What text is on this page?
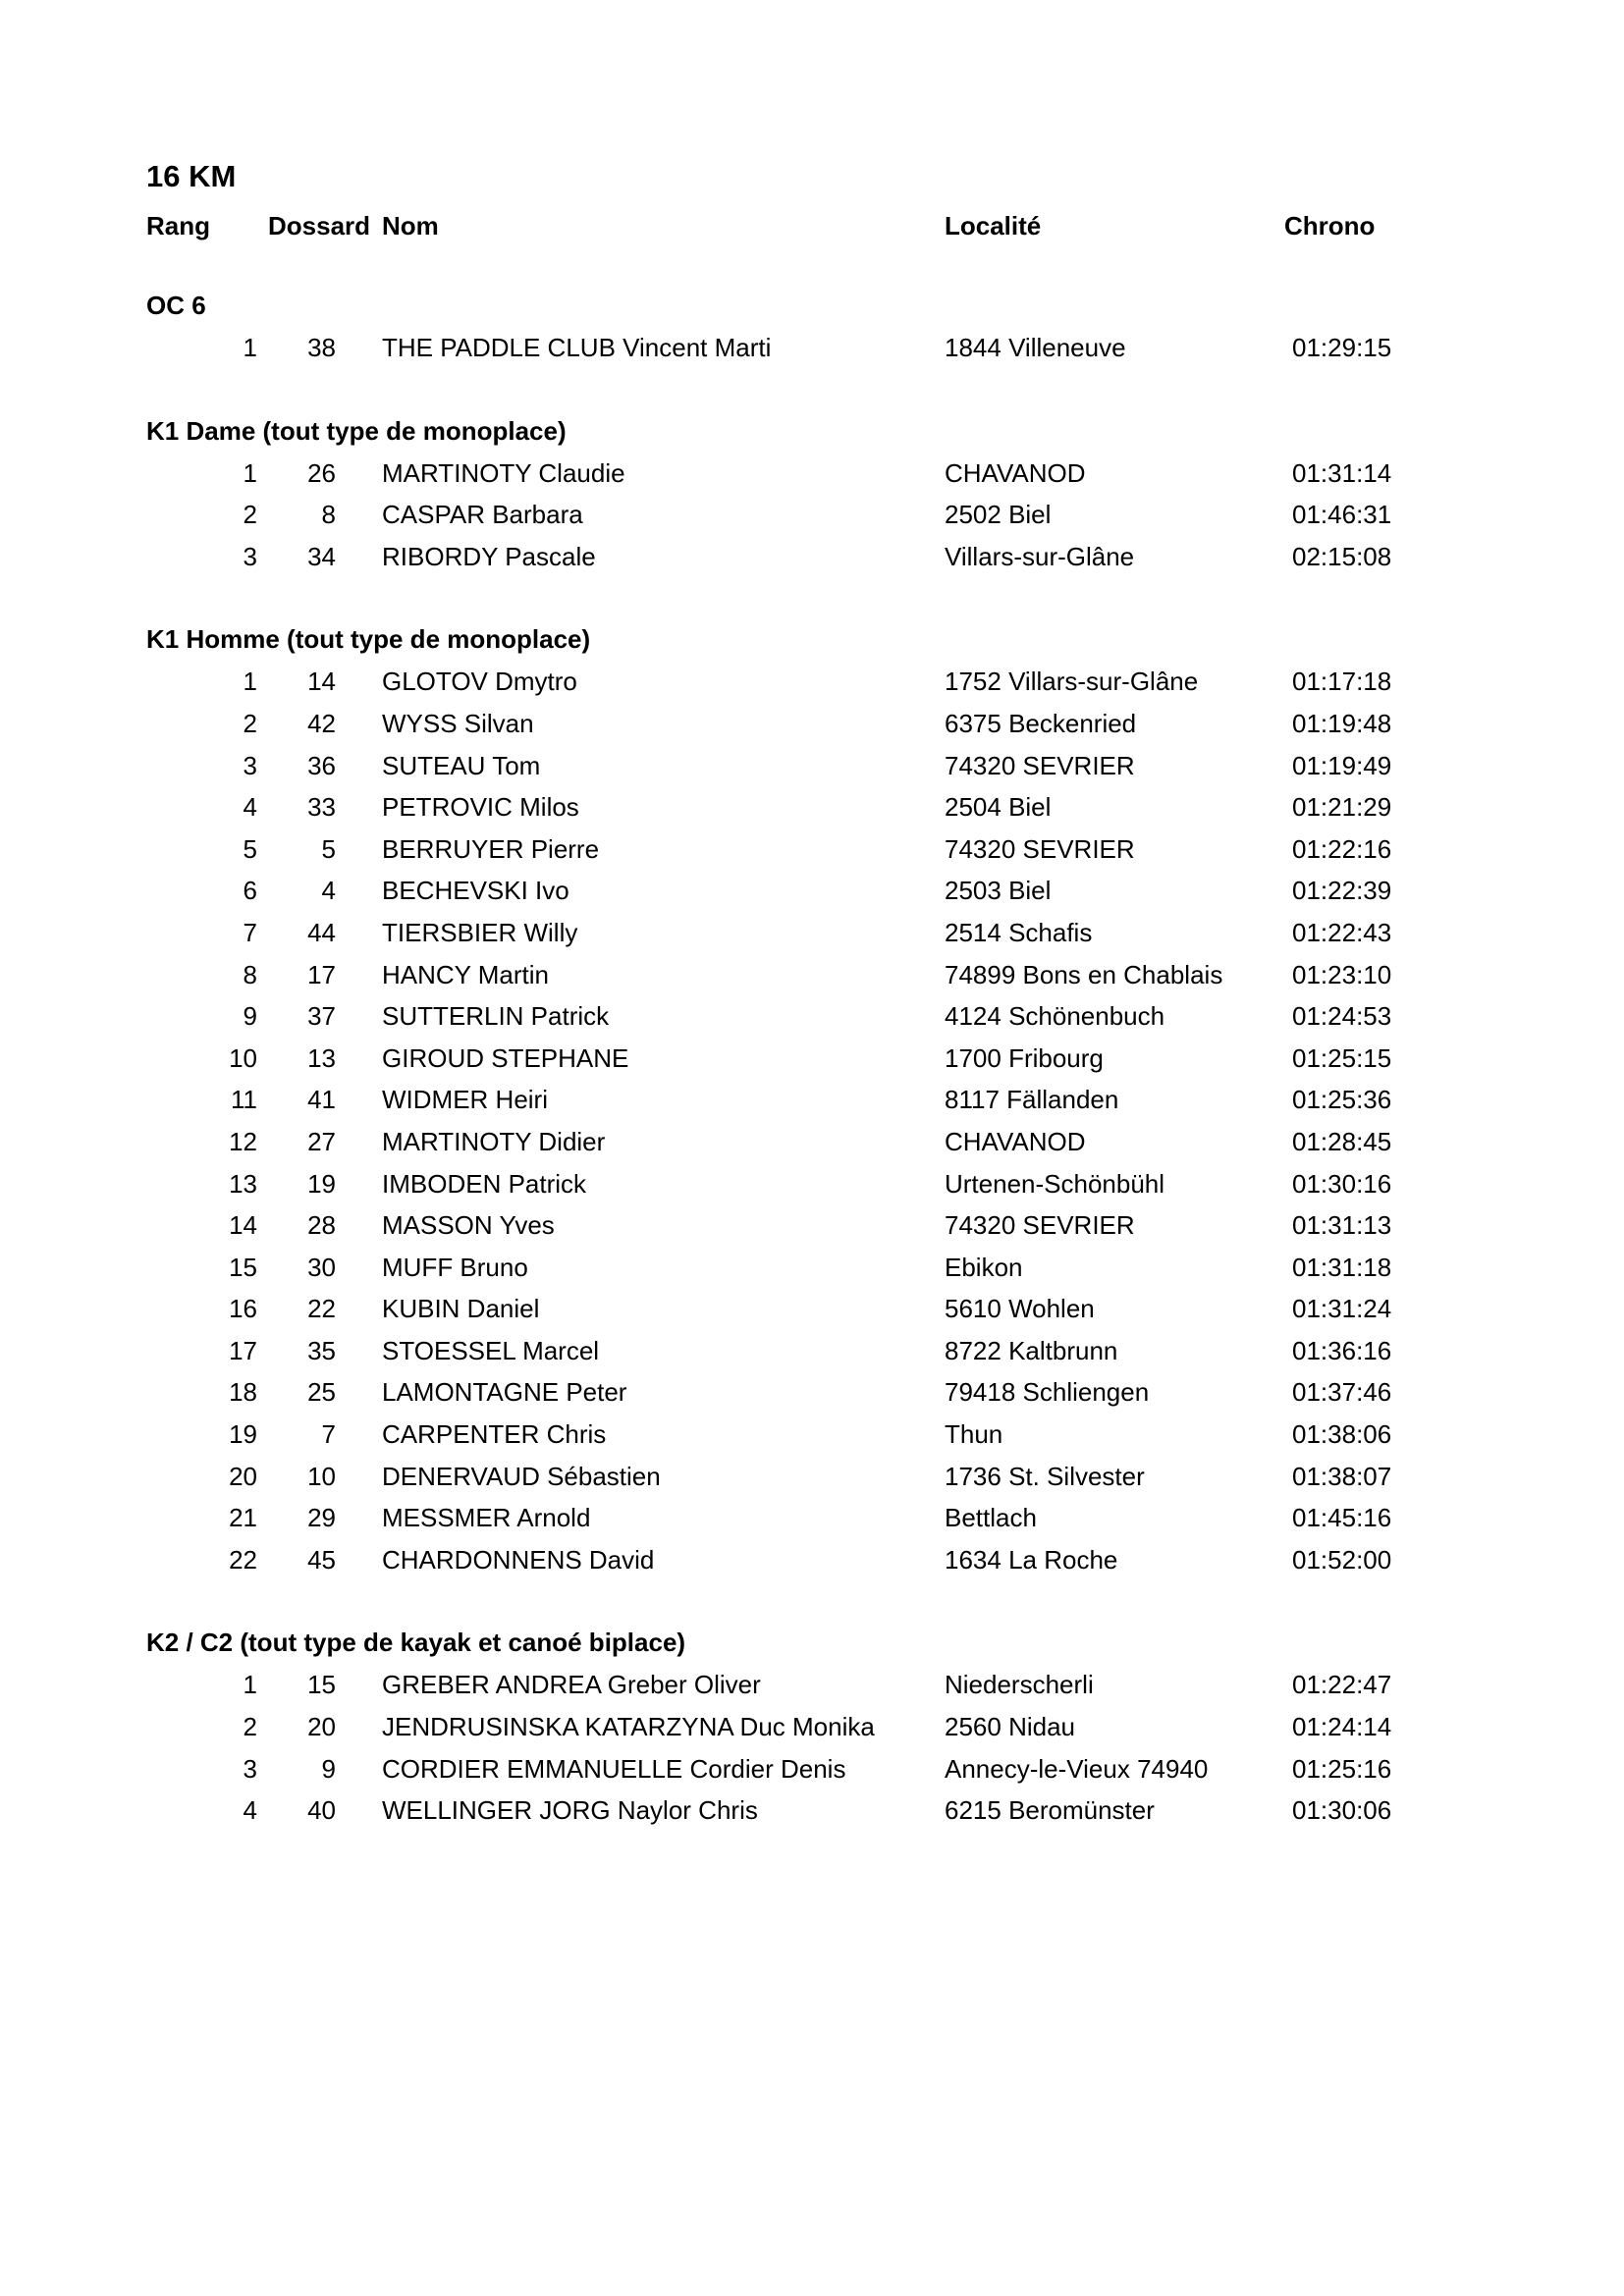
16 KM
Rang Dossard Nom	Localité	Chrono
OC 6
1	38 THE PADDLE CLUB Vincent Marti	1844 Villeneuve	01:29:15
K1 Dame (tout type de monoplace)
1	26 MARTINOTY Claudie	CHAVANOD	01:31:14
2	8 CASPAR Barbara	2502 Biel	01:46:31
3	34 RIBORDY Pascale	Villars-sur-Glâne	02:15:08
K1 Homme (tout type de monoplace)
1	14 GLOTOV Dmytro	1752 Villars-sur-Glâne	01:17:18
2	42 WYSS Silvan	6375 Beckenried	01:19:48
3	36 SUTEAU Tom	74320 SEVRIER	01:19:49
4	33 PETROVIC Milos	2504 Biel	01:21:29
5	5 BERRUYER Pierre	74320 SEVRIER	01:22:16
6	4 BECHEVSKI Ivo	2503 Biel	01:22:39
7	44 TIERSBIER Willy	2514 Schafis	01:22:43
8	17 HANCY Martin	74899 Bons en Chablais	01:23:10
9	37 SUTTERLIN Patrick	4124 Schönenbuch	01:24:53
10	13 GIROUD STEPHANE	1700 Fribourg	01:25:15
11	41 WIDMER Heiri	8117 Fällanden	01:25:36
12	27 MARTINOTY Didier	CHAVANOD	01:28:45
13	19 IMBODEN Patrick	Urtenen-Schönbühl	01:30:16
14	28 MASSON Yves	74320 SEVRIER	01:31:13
15	30 MUFF Bruno	Ebikon	01:31:18
16	22 KUBIN Daniel	5610 Wohlen	01:31:24
17	35 STOESSEL Marcel	8722 Kaltbrunn	01:36:16
18	25 LAMONTAGNE Peter	79418 Schliengen	01:37:46
19	7 CARPENTER Chris	Thun	01:38:06
20	10 DENERVAUD Sébastien	1736 St. Silvester	01:38:07
21	29 MESSMER Arnold	Bettlach	01:45:16
22	45 CHARDONNENS David	1634 La Roche	01:52:00
K2 / C2 (tout type de kayak et canoé biplace)
1	15 GREBER ANDREA Greber Oliver	Niederscherli	01:22:47
2	20 JENDRUSINSKA KATARZYNA Duc Monika	2560 Nidau	01:24:14
3	9 CORDIER EMMANUELLE Cordier Denis	Annecy-le-Vieux 74940	01:25:16
4	40 WELLINGER JORG Naylor Chris	6215 Beromünster	01:30:06
